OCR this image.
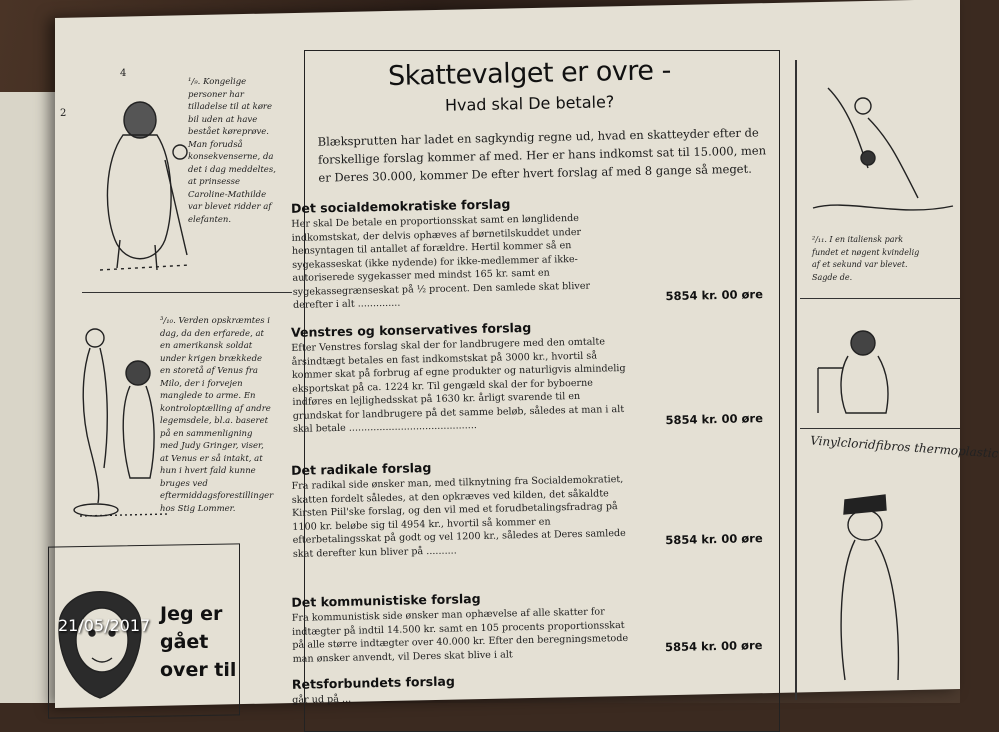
2
4
¹/₉. Kongelige personer har tilladelse til at køre bil uden at have bestået køreprøve. Man forudså konsekvenserne, da det i dag meddeltes, at prinsesse Caroline-Mathilde var blevet ridder af elefanten.
³/₁₀. Verden opskræmtes i dag, da den erfarede, at en amerikansk soldat under krigen brækkede en storetå af Venus fra Milo, der i forvejen manglede to arme. En kontroloptælling af andre legemsdele, bl.a. baseret på en sammenligning med Judy Gringer, viser, at Venus er så intakt, at hun i hvert fald kunne bruges ved eftermiddagsforestillinger hos Stig Lommer.
Jeg er
gået
over til
Skattevalget er ovre -
Hvad skal De betale?
Blæksprutten har ladet en sagkyndig regne ud, hvad en skatteyder efter de forskellige forslag kommer af med. Her er hans indkomst sat til 15.000, men er Deres 30.000, kommer De efter hvert forslag af med 8 gange så meget.
Det socialdemokratiske forslag

Her skal De betale en proportionsskat samt en lønglidende indkomstskat, der delvis ophæves af børnetilskuddet under hensyntagen til antallet af forældre. Hertil kommer så en sygekasseskat (ikke nydende) for ikke-medlemmer af ikke-autoriserede sygekasser med mindst 165 kr. samt en sygekassegrænseskat på ½ procent. Den samlede skat bliver derefter i alt ..............

5854 kr. 00 øre
Venstres og konservatives forslag

Efter Venstres forslag skal der for landbrugere med den omtalte årsindtægt betales en fast indkomstskat på 3000 kr., hvortil så kommer skat på forbrug af egne produkter og naturligvis almindelig eksportskat på ca. 1224 kr. Til gengæld skal der for byboerne indføres en lejlighedsskat på 1630 kr. årligt svarende til en grundskat for landbrugere på det samme beløb, således at man i alt skal betale ..........................................

5854 kr. 00 øre
Det radikale forslag

Fra radikal side ønsker man, med tilknytning fra Socialdemokratiet, skatten fordelt således, at den opkræves ved kilden, det såkaldte Kirsten Piil'ske forslag, og den vil med et forudbetalingsfradrag på 1100 kr. beløbe sig til 4954 kr., hvortil så kommer en efterbetalingsskat på godt og vel 1200 kr., således at Deres samlede skat derefter kun bliver på ..........

5854 kr. 00 øre
Det kommunistiske forslag

Fra kommunistisk side ønsker man ophævelse af alle skatter for indtægter på indtil 14.500 kr. samt en 105 procents proportionsskat på alle større indtægter over 40.000 kr. Efter den beregningsmetode man ønsker anvendt, vil Deres skat blive i alt

5854 kr. 00 øre
Retsforbundets forslag

går ud på ...

²/₁₁. I en italiensk park fundet et nøgent kvindelig af et sekund var blevet. Sagde de.
Vinylcloridfibros thermoplastic
21/05/2017
